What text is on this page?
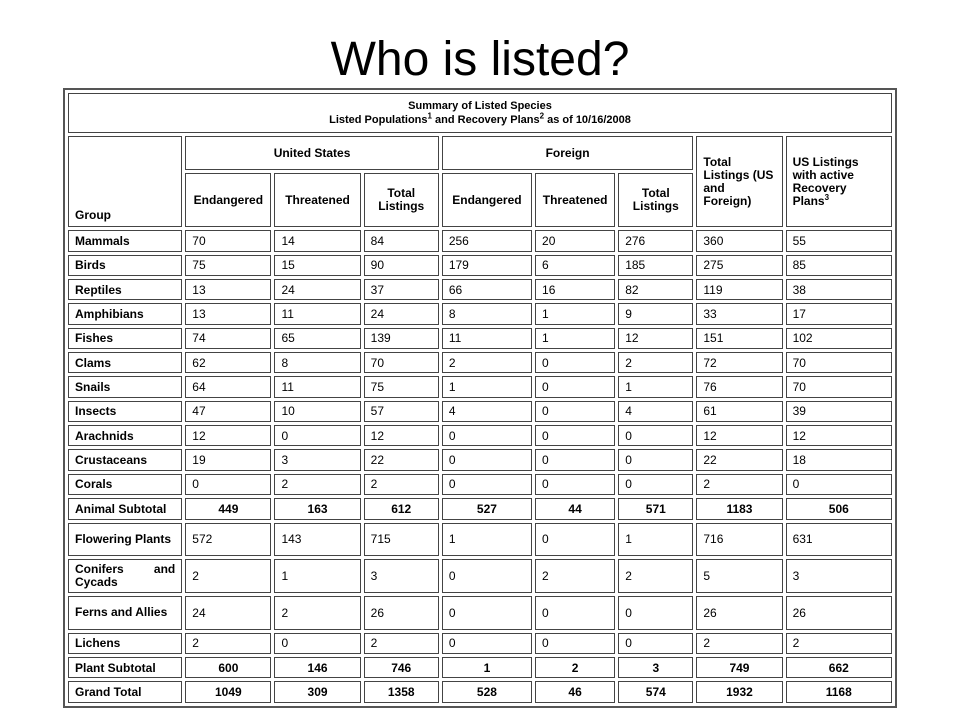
Who is listed?
Summary of Listed Species
Listed Populations$^1$ and Recovery Plans$^2$ as of 10/16/2008								
Group	United States			Foreign			Total Listings (US and Foreign)	US Listings with active Recovery Plans$^3$
	Endangered	Threatened	Total Listings	Endangered	Threatened	Total Listings		
Mammals	70	14	84	256	20	276	360	55
Birds	75	15	90	179	6	185	275	85
Reptiles	13	24	37	66	16	82	119	38
Amphibians	13	11	24	8	1	9	33	17
Fishes	74	65	139	11	1	12	151	102
Clams	62	8	70	2	0	2	72	70
Snails	64	11	75	1	0	1	76	70
Insects	47	10	57	4	0	4	61	39
Arachnids	12	0	12	0	0	0	12	12
Crustaceans	19	3	22	0	0	0	22	18
Corals	0	2	2	0	0	0	2	0
Animal Subtotal	449	163	612	527	44	571	1183	506
Flowering Plants	572	143	715	1	0	1	716	631
Conifers and Cycads	2	1	3	0	2	2	5	3
Ferns and Allies	24	2	26	0	0	0	26	26
Lichens	2	0	2	0	0	0	2	2
Plant Subtotal	600	146	746	1	2	3	749	662
Grand Total	1049	309	1358	528	46	574	1932	1168
